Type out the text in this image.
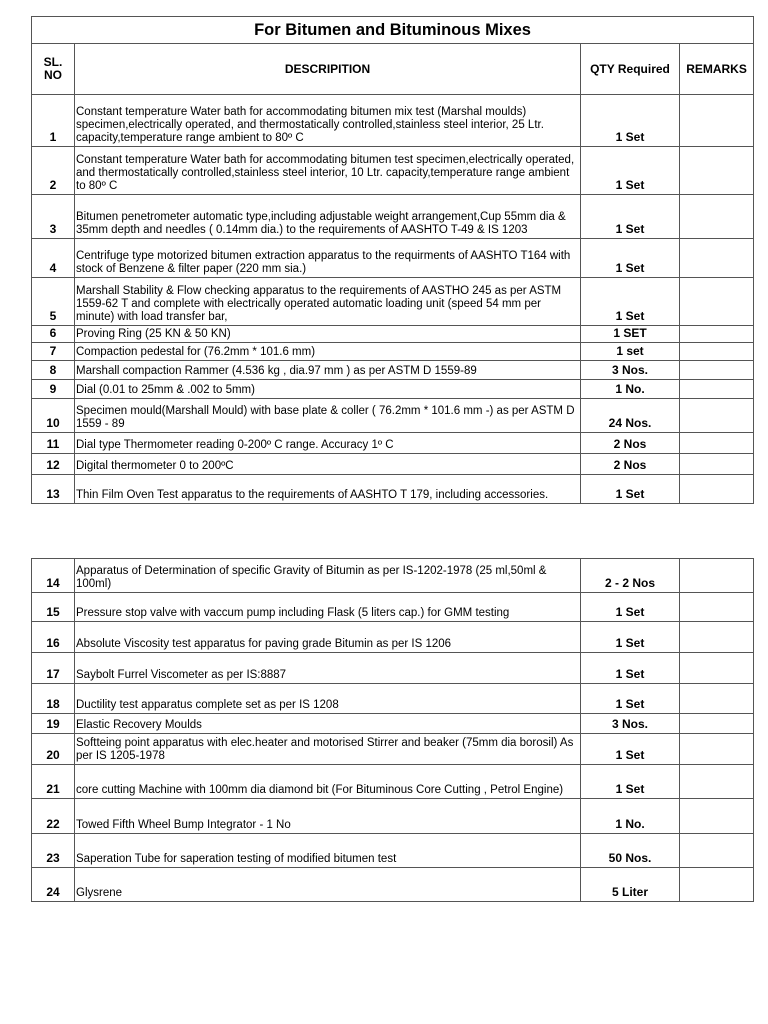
For Bitumen and Bituminous Mixes			
SL.
NO	DESCRIPITION	QTY Required	REMARKS
1	Constant temperature Water bath for accommodating bitumen mix test (Marshal moulds) specimen,electrically operated, and thermostatically controlled,stainless steel interior, 25 Ltr. capacity,temperature range ambient to 80º C	1 Set	
2	Constant temperature Water bath for accommodating bitumen test specimen,electrically operated, and thermostatically controlled,stainless steel interior, 10 Ltr. capacity,temperature range ambient to 80º C	1 Set	
3	Bitumen penetrometer automatic type,including adjustable weight arrangement,Cup 55mm dia & 35mm depth and needles ( 0.14mm dia.) to the requirements of AASHTO T-49 & IS 1203	1 Set	
4	Centrifuge type motorized bitumen extraction apparatus to the requirments of AASHTO T164 with stock of Benzene & filter paper (220 mm sia.)	1 Set	
5	Marshall Stability & Flow checking apparatus to the requirements of AASTHO 245 as per ASTM 1559-62 T and complete with electrically operated automatic loading unit (speed 54 mm per minute) with load transfer bar,	1 Set	
6	Proving Ring (25 KN & 50 KN)	1 SET	
7	Compaction pedestal for (76.2mm * 101.6 mm)	1 set	
8	Marshall compaction Rammer (4.536 kg , dia.97 mm ) as per ASTM D 1559-89	3 Nos.	
9	Dial (0.01 to 25mm & .002 to 5mm)	1 No.	
10	Specimen mould(Marshall Mould) with base plate & coller ( 76.2mm * 101.6 mm -) as per ASTM D 1559 - 89	24 Nos.	
11	Dial type Thermometer reading 0-200º C range. Accuracy 1º C	2 Nos	
12	Digital thermometer 0 to 200ºC	2 Nos	
13	Thin Film Oven Test apparatus to the requirements of AASHTO T 179, including accessories.	1 Set	
14	Apparatus of Determination of specific Gravity of Bitumin as per IS-1202-1978 (25 ml,50ml & 100ml)	2 - 2 Nos	
15	Pressure stop valve with vaccum pump including Flask (5 liters cap.) for GMM testing	1 Set	
16	Absolute Viscosity test apparatus for paving grade Bitumin as per IS 1206	1 Set	
17	Saybolt Furrel Viscometer as per IS:8887	1 Set	
18	Ductility test apparatus complete set as per IS 1208	1 Set	
19	Elastic Recovery Moulds	3 Nos.	
20	Softteing point apparatus with elec.heater and motorised Stirrer and beaker (75mm dia borosil) As per IS 1205-1978	1 Set	
21	core cutting Machine with 100mm dia diamond bit (For Bituminous Core Cutting , Petrol Engine)	1 Set	
22	Towed Fifth Wheel Bump Integrator - 1 No	1 No.	
23	Saperation Tube for saperation testing of modified bitumen test	50 Nos.	
24	Glysrene	5 Liter	
